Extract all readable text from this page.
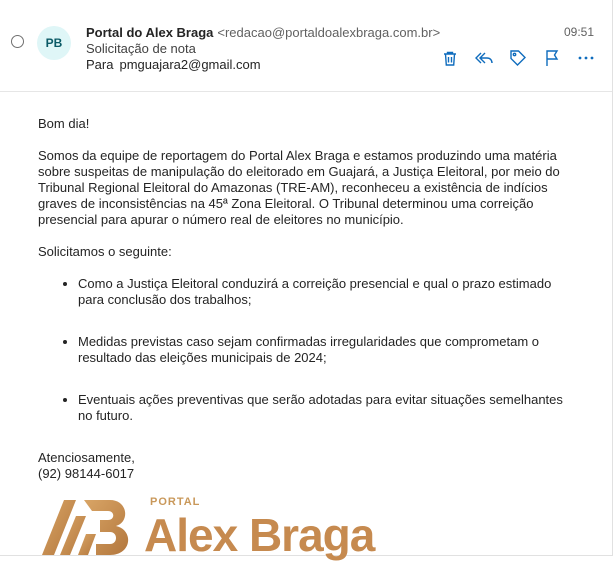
PB
Portal do Alex Braga <redacao@portaldoalexbraga.com.br>
Solicitação de nota
Para pmguajara2@gmail.com
09:51

Bom dia!

Somos da equipe de reportagem do Portal Alex Braga e estamos produzindo uma matéria sobre suspeitas de manipulação do eleitorado em Guajará, a Justiça Eleitoral, por meio do Tribunal Regional Eleitoral do Amazonas (TRE-AM), reconheceu a existência de indícios graves de inconsistências na 45ª Zona Eleitoral. O Tribunal determinou uma correição presencial para apurar o número real de eleitores no município.

Solicitamos o seguinte:

• Como a Justiça Eleitoral conduzirá a correição presencial e qual o prazo estimado para conclusão dos trabalhos;
• Medidas previstas caso sejam confirmadas irregularidades que comprometam o resultado das eleições municipais de 2024;
• Eventuais ações preventivas que serão adotadas para evitar situações semelhantes no futuro.
Atenciosamente,
(92) 98144-6017
PORTAL
Alex Braga
